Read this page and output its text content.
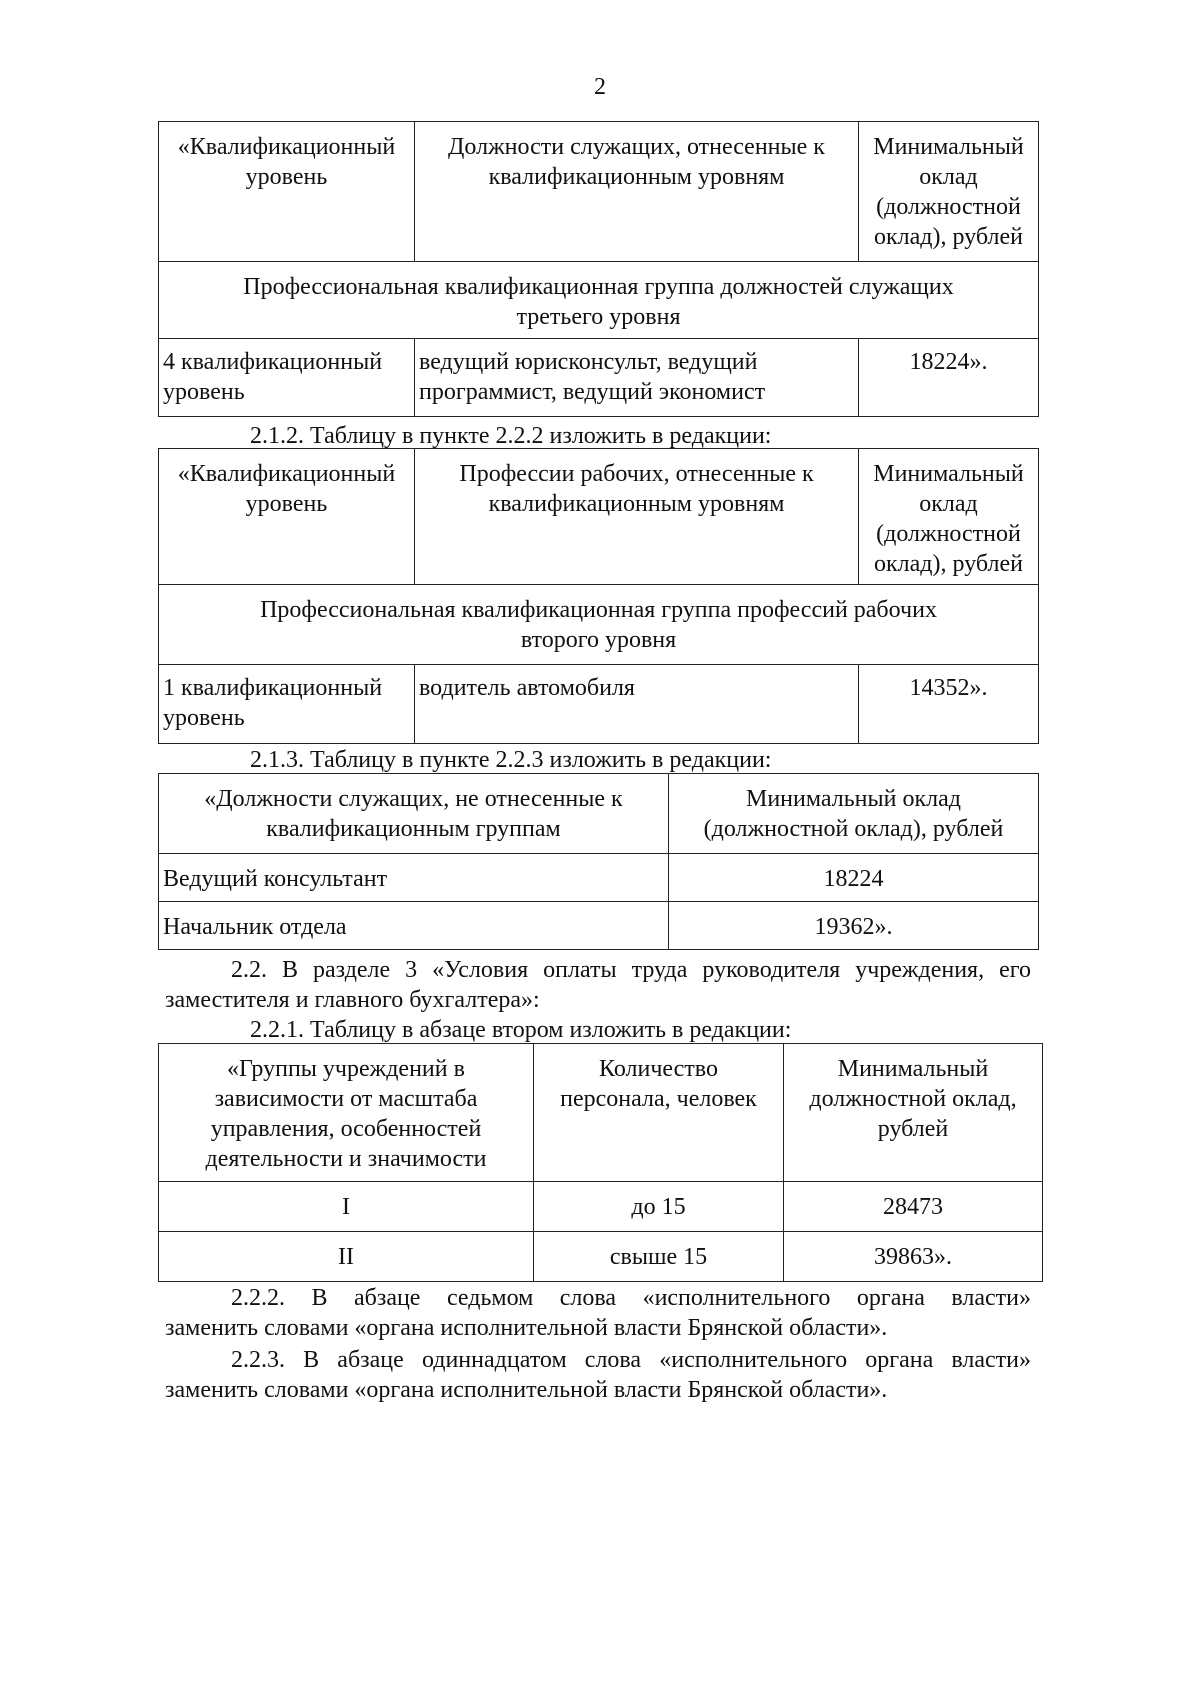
2
«Квалификационный уровень	Должности служащих, отнесенные к квалификационным уровням	Минимальный оклад (должностной оклад), рублей
Профессиональная квалификационная группа должностей служащих третьего уровня		
4 квалификационный уровень	ведущий юрисконсульт, ведущий программист, ведущий экономист	18224».
2.1.2. Таблицу в пункте 2.2.2 изложить в редакции:
«Квалификационный уровень	Профессии рабочих, отнесенные к квалификационным уровням	Минимальный оклад (должностной оклад), рублей
Профессиональная квалификационная группа профессий рабочих второго уровня		
1 квалификационный уровень	водитель автомобиля	14352».
2.1.3. Таблицу в пункте 2.2.3 изложить в редакции:
«Должности служащих, не отнесенные к квалификационным группам	Минимальный оклад (должностной оклад), рублей
Ведущий консультант	18224
Начальник отдела	19362».
2.2. В разделе 3 «Условия оплаты труда руководителя учреждения, его
заместителя и главного бухгалтера»:
2.2.1. Таблицу в абзаце втором изложить в редакции:
«Группы учреждений в зависимости от масштаба управления, особенностей деятельности и значимости	Количество персонала, человек	Минимальный должностной оклад, рублей
I	до 15	28473
II	свыше 15	39863».
2.2.2. В абзаце седьмом слова «исполнительного органа власти»
заменить словами «органа исполнительной власти Брянской области».
2.2.3. В абзаце одиннадцатом слова «исполнительного органа власти»
заменить словами «органа исполнительной власти Брянской области».
